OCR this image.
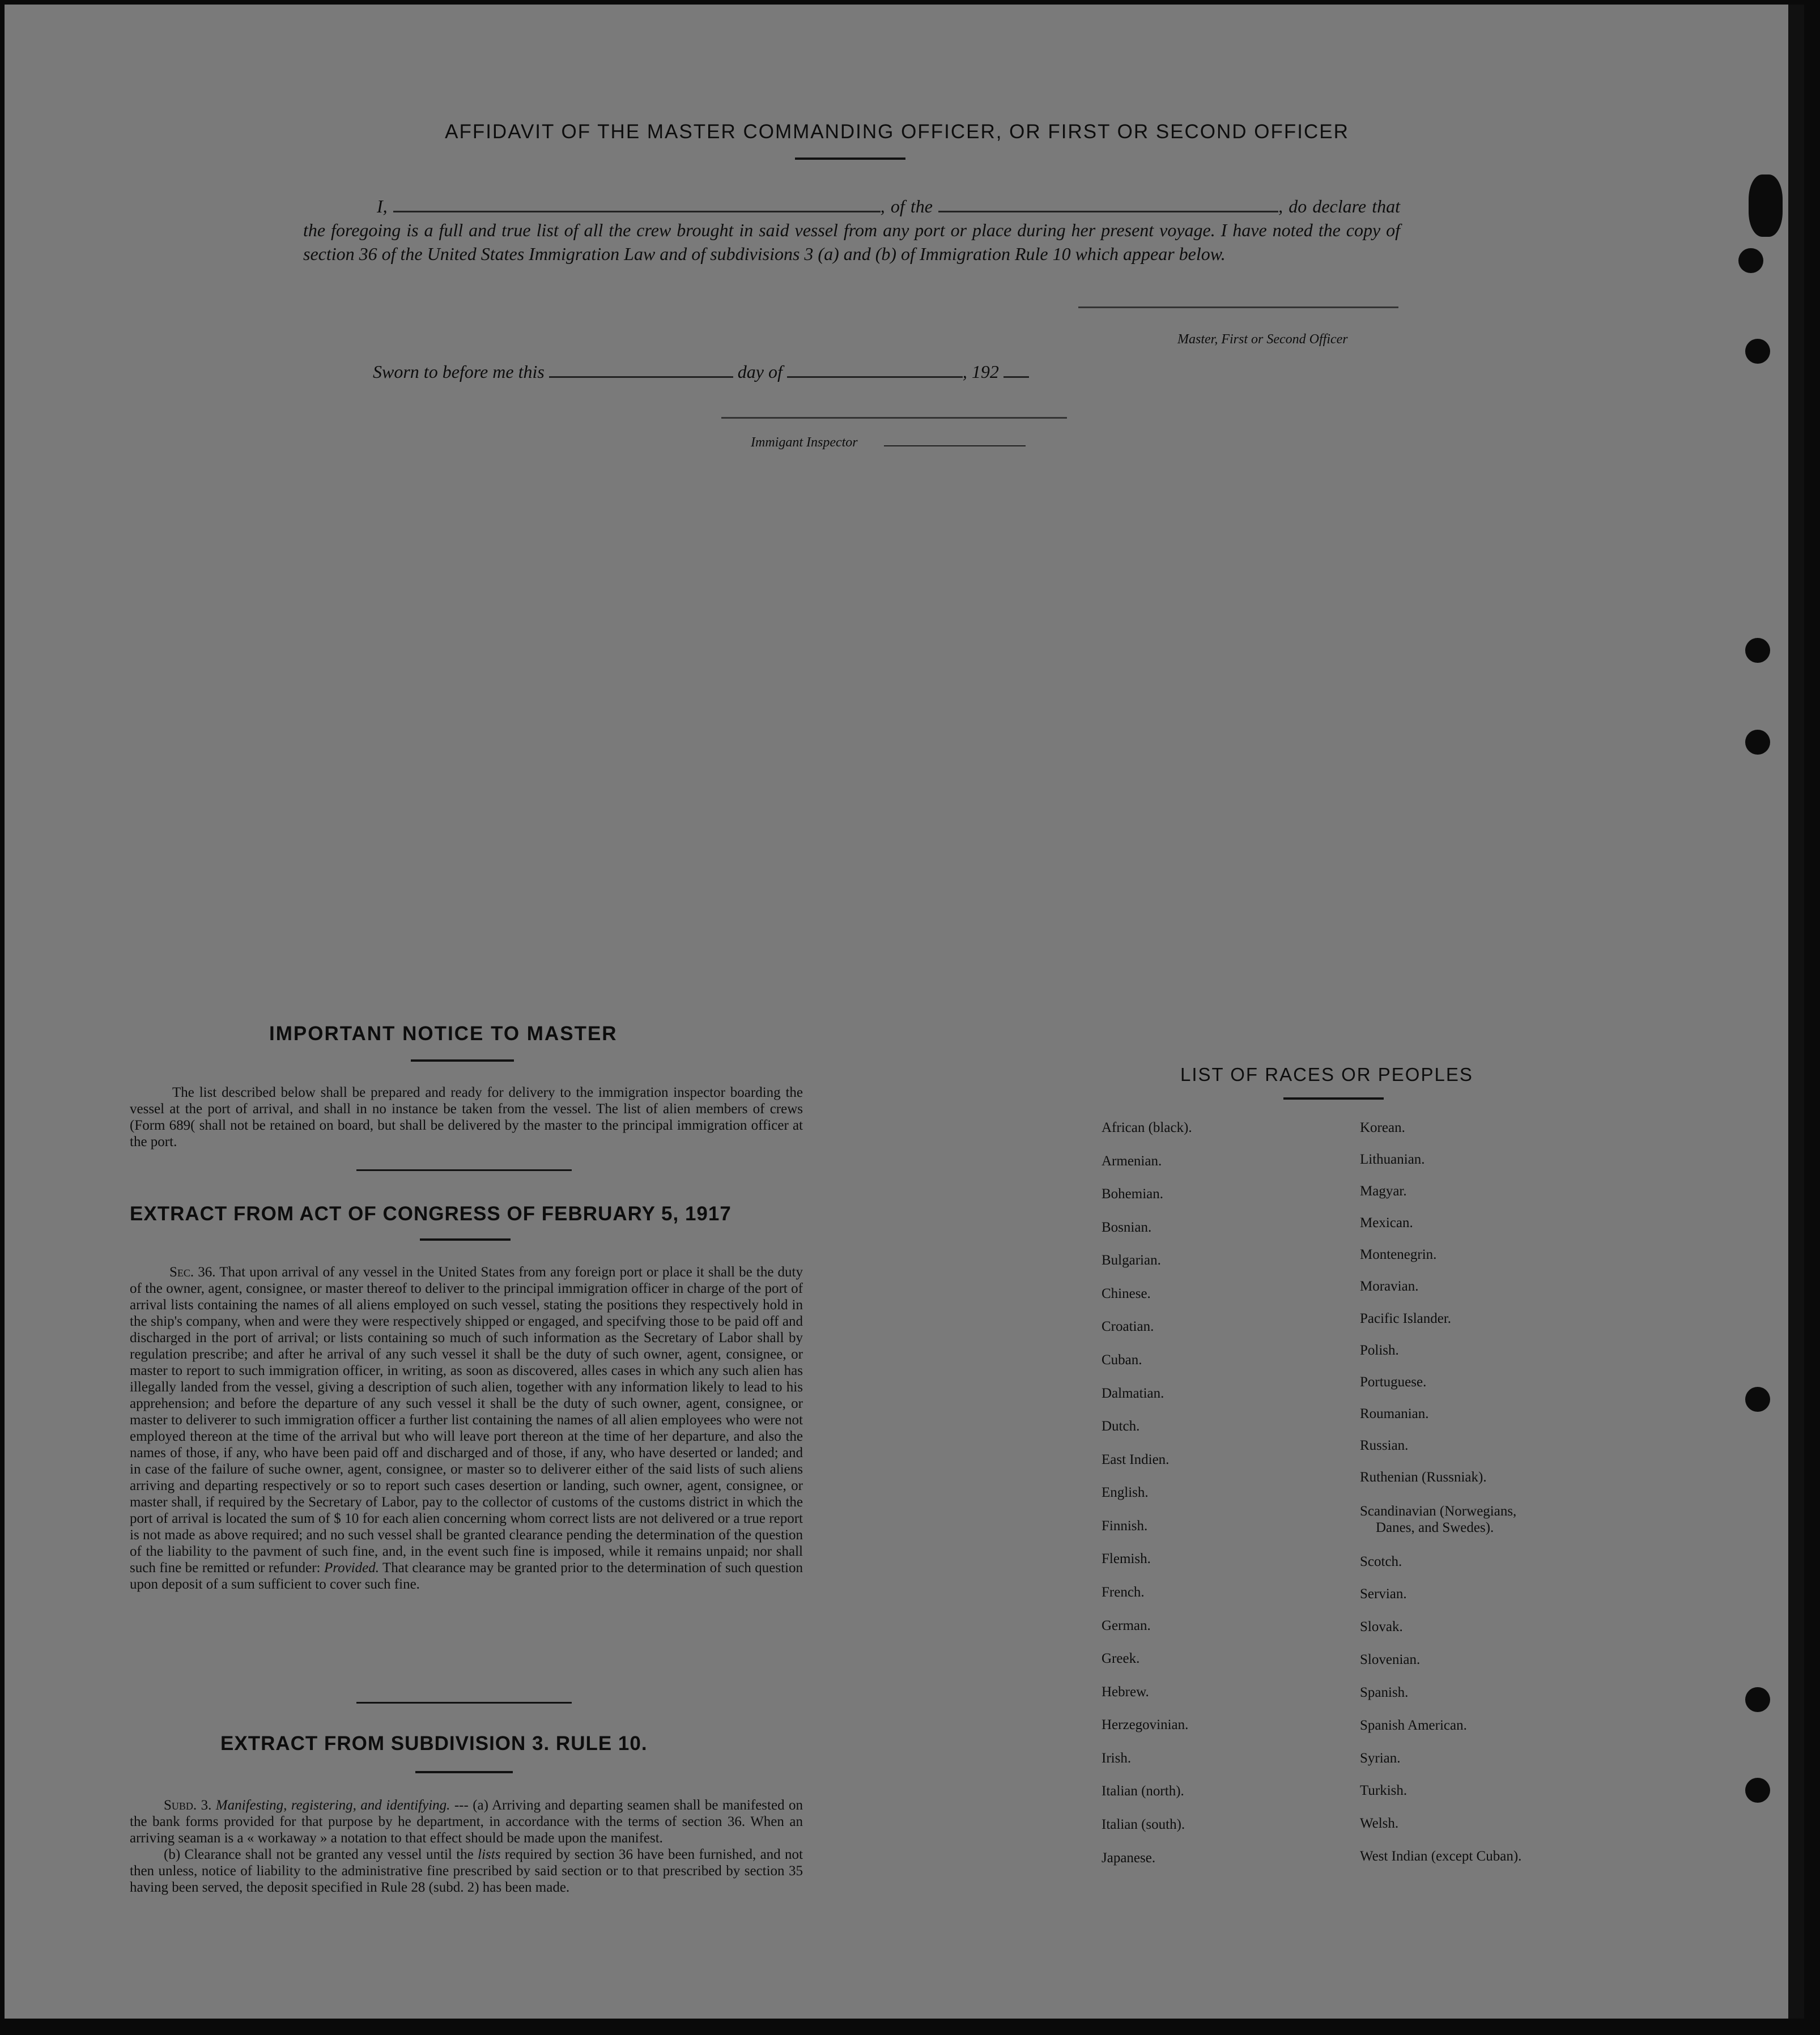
AFFIDAVIT OF THE MASTER COMMANDING OFFICER, OR FIRST OR SECOND OFFICER
I,	, of the	, do declare that the foregoing is a full and true list of all the crew brought in said vessel from any port or place during her present voyage. I have noted the copy of section 36 of the United States Immigration Law and of subdivisions 3 (a) and (b) of Immigration Rule 10 which appear below.
Master, First or Second Officer
Sworn to before me this	day of	, 192
Immigant Inspector
IMPORTANT NOTICE TO MASTER
The list described below shall be prepared and ready for delivery to the immigration inspector boarding the vessel at the port of arrival, and shall in no instance be taken from the vessel. The list of alien members of crews (Form 689( shall not be retained on board, but shall be delivered by the master to the principal immigration officer at the port.
EXTRACT FROM ACT OF CONGRESS OF FEBRUARY 5, 1917
Sec. 36. That upon arrival of any vessel in the United States from any foreign port or place it shall be the duty of the owner, agent, consignee, or master thereof to deliver to the principal immigration officer in charge of the port of arrival lists containing the names of all aliens employed on such vessel, stating the positions they respectively hold in the ship's company, when and were they were respectively shipped or engaged, and specifving those to be paid off and discharged in the port of arrival; or lists containing so much of such information as the Secretary of Labor shall by regulation prescribe; and after he arrival of any such vessel it shall be the duty of such owner, agent, consignee, or master to report to such immigration officer, in writing, as soon as discovered, alles cases in which any such alien has illegally landed from the vessel, giving a description of such alien, together with any information likely to lead to his apprehension; and before the departure of any such vessel it shall be the duty of such owner, agent, consignee, or master to deliverer to such immigration officer a further list containing the names of all alien employees who were not employed thereon at the time of the arrival but who will leave port thereon at the time of her departure, and also the names of those, if any, who have been paid off and discharged and of those, if any, who have deserted or landed; and in case of the failure of suche owner, agent, consignee, or master so to deliverer either of the said lists of such aliens arriving and departing respectively or so to report such cases desertion or landing, such owner, agent, consignee, or master shall, if required by the Secretary of Labor, pay to the collector of customs of the customs district in which the port of arrival is located the sum of $ 10 for each alien concerning whom correct lists are not delivered or a true report is not made as above required; and no such vessel shall be granted clearance pending the determination of the question of the liability to the pavment of such fine, and, in the event such fine is imposed, while it remains unpaid; nor shall such fine be remitted or refunder: Provided. That clearance may be granted prior to the determination of such question upon deposit of a sum sufficient to cover such fine.
EXTRACT FROM SUBDIVISION 3. RULE 10.

Subd. 3. Manifesting, registering, and identifying. --- (a) Arriving and departing seamen shall be manifested on the bank forms provided for that purpose by he department, in accordance with the terms of section 36. When an arriving seaman is a « workaway » a notation to that effect should be made upon the manifest.

(b) Clearance shall not be granted any vessel until the lists required by section 36 have been furnished, and not then unless, notice of liability to the administrative fine prescribed by said section or to that prescribed by section 35 having been served, the deposit specified in Rule 28 (subd. 2) has been made.

LIST OF RACES OR PEOPLES
African (black).
Armenian.
Bohemian.
Bosnian.
Bulgarian.
Chinese.
Croatian.
Cuban.
Dalmatian.
Dutch.
East Indien.
English.
Finnish.
Flemish.
French.
German.
Greek.
Hebrew.
Herzegovinian.
Irish.
Italian (north).
Italian (south).
Japanese.
Korean.
Lithuanian.
Magyar.
Mexican.
Montenegrin.
Moravian.
Pacific Islander.
Polish.
Portuguese.
Roumanian.
Russian.
Ruthenian (Russniak).
Scandinavian (Norwegians,
Danes, and Swedes).
Scotch.
Servian.
Slovak.
Slovenian.
Spanish.
Spanish American.
Syrian.
Turkish.
Welsh.
West Indian (except Cuban).
